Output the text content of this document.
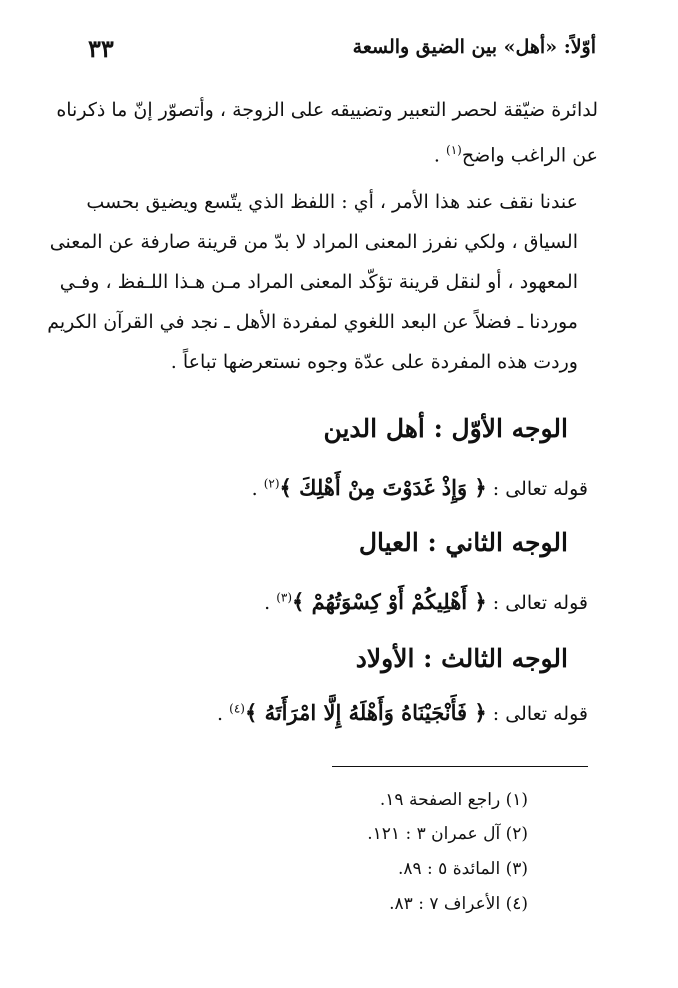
أوّلاً: «أهل» بين الضيق والسعة
٣٣
لدائرة ضيّقة لحصر التعبير وتضييقه على الزوجة ، وأتصوّر إنّ ما ذكرناه
عن الراغب واضح$^{(١)}$ .
عندنا نقف عند هذا الأمر ، أي : اللفظ الذي يتّسع ويضيق بحسب
السياق ، ولكي نفرز المعنى المراد لا بدّ من قرينة صارفة عن المعنى
المعهود ، أو لنقل قرينة تؤكّد المعنى المراد مـن هـذا اللـفظ ، وفـي
موردنا ـ فضلاً عن البعد اللغوي لمفردة الأهل ـ نجد في القرآن الكريم
وردت هذه المفردة على عدّة وجوه نستعرضها تباعاً .
الوجه الأوّل : أهل الدين
قوله تعالى : ﴿ وَإِذْ غَدَوْتَ مِنْ أَهْلِكَ ﴾$^{(٢)}$ .
الوجه الثاني : العيال
قوله تعالى : ﴿ أَهْلِيكُمْ أَوْ كِسْوَتُهُمْ ﴾$^{(٣)}$ .
الوجه الثالث : الأولاد
قوله تعالى : ﴿ فَأَنْجَيْنَاهُ وَأَهْلَهُ إِلَّا امْرَأَتَهُ ﴾$^{(٤)}$ .
(١) راجع الصفحة ١٩.
(٢) آل عمران ٣ : ١٢١.
(٣) المائدة ٥ : ٨٩.
(٤) الأعراف ٧ : ٨٣.
